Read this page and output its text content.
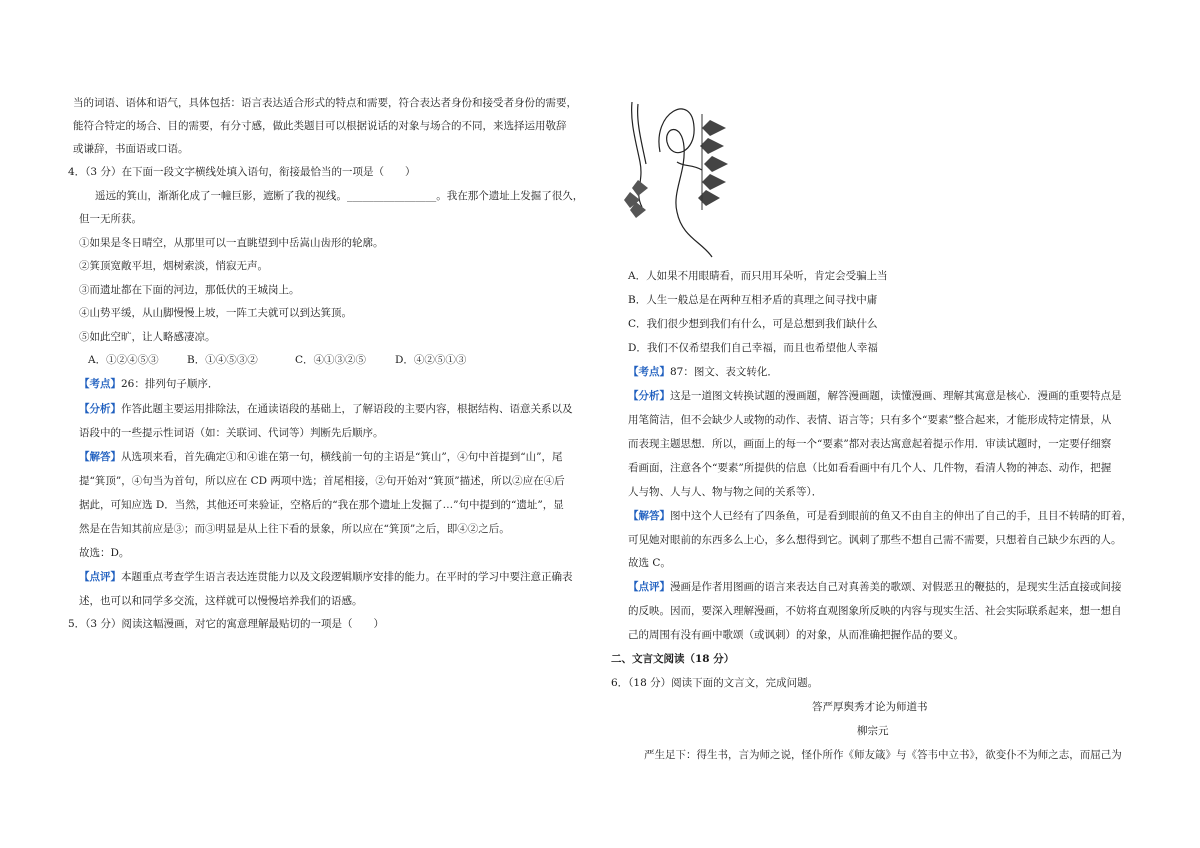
当的词语、语体和语气，具体包括：语言表达适合形式的特点和需要，符合表达者身份和接受者身份的需要，
能符合特定的场合、目的需要，有分寸感，做此类题目可以根据说话的对象与场合的不同，来选择运用敬辞
或谦辞，书面语或口语。
4．（3 分）在下面一段文字横线处填入语句，衔接最恰当的一项是（　　）
遥远的箕山，渐渐化成了一幢巨影，遮断了我的视线。_________________。我在那个遗址上发掘了很久，
但一无所获。
①如果是冬日晴空，从那里可以一直眺望到中岳嵩山齿形的轮廓。
②箕顶宽敞平坦，烟树索淡，悄寂无声。
③而遗址都在下面的河边，那低伏的王城岗上。
④山势平缓，从山脚慢慢上坡，一阵工夫就可以到达箕顶。
⑤如此空旷，让人略感凄凉。
A．①②④⑤③	B．①④⑤③②	C．④①③②⑤	D．④②⑤①③
【考点】26：排列句子顺序．
【分析】作答此题主要运用排除法，在通读语段的基础上，了解语段的主要内容，根据结构、语意关系以及
语段中的一些提示性词语（如：关联词、代词等）判断先后顺序。
【解答】从选项来看，首先确定①和④谁在第一句，横线前一句的主语是“箕山”，④句中首提到“山”，尾
提“箕顶”，④句当为首句，所以应在 CD 两项中选；首尾相接，②句开始对“箕顶”描述，所以②应在④后
据此，可知应选 D．当然，其他还可来验证，空格后的“我在那个遗址上发掘了…”句中提到的“遗址”，显
然是在告知其前应是③；而③明显是从上往下看的景象，所以应在“箕顶”之后，即④②之后。
故选：D。
【点评】本题重点考查学生语言表达连贯能力以及文段逻辑顺序安排的能力。在平时的学习中要注意正确表
述，也可以和同学多交流，这样就可以慢慢培养我们的语感。
5．（3 分）阅读这幅漫画，对它的寓意理解最贴切的一项是（　　）
A．人如果不用眼睛看，而只用耳朵听，肯定会受骗上当
B．人生一般总是在两种互相矛盾的真理之间寻找中庸
C．我们很少想到我们有什么，可是总想到我们缺什么
D．我们不仅希望我们自己幸福，而且也希望他人幸福
【考点】87：图文、表文转化．
【分析】这是一道图文转换试题的漫画题，解答漫画题，读懂漫画、理解其寓意是核心．漫画的重要特点是
用笔简洁，但不会缺少人或物的动作、表情、语言等；只有多个“要素”整合起来，才能形成特定情景，从
而表现主题思想．所以，画面上的每一个“要素”都对表达寓意起着提示作用．审读试题时，一定要仔细察
看画面，注意各个“要素”所提供的信息（比如看看画中有几个人、几件物，看清人物的神态、动作，把握
人与物、人与人、物与物之间的关系等）．
【解答】图中这个人已经有了四条鱼，可是看到眼前的鱼又不由自主的伸出了自己的手，且目不转睛的盯着，
可见她对眼前的东西多么上心，多么想得到它。讽刺了那些不想自己需不需要，只想着自己缺少东西的人。
故选 C。
【点评】漫画是作者用图画的语言来表达自己对真善美的歌颂、对假恶丑的鞭挞的，是现实生活直接或间接
的反映。因而，要深入理解漫画，不妨将直观图象所反映的内容与现实生活、社会实际联系起来，想一想自
己的周围有没有画中歌颂（或讽刺）的对象，从而准确把握作品的要义。
二、文言文阅读（18 分）
6．（18 分）阅读下面的文言文，完成问题。
答严厚舆秀才论为师道书
柳宗元
严生足下：得生书，言为师之说，怪仆所作《师友箴》与《答韦中立书》，欲变仆不为师之志，而屈己为
